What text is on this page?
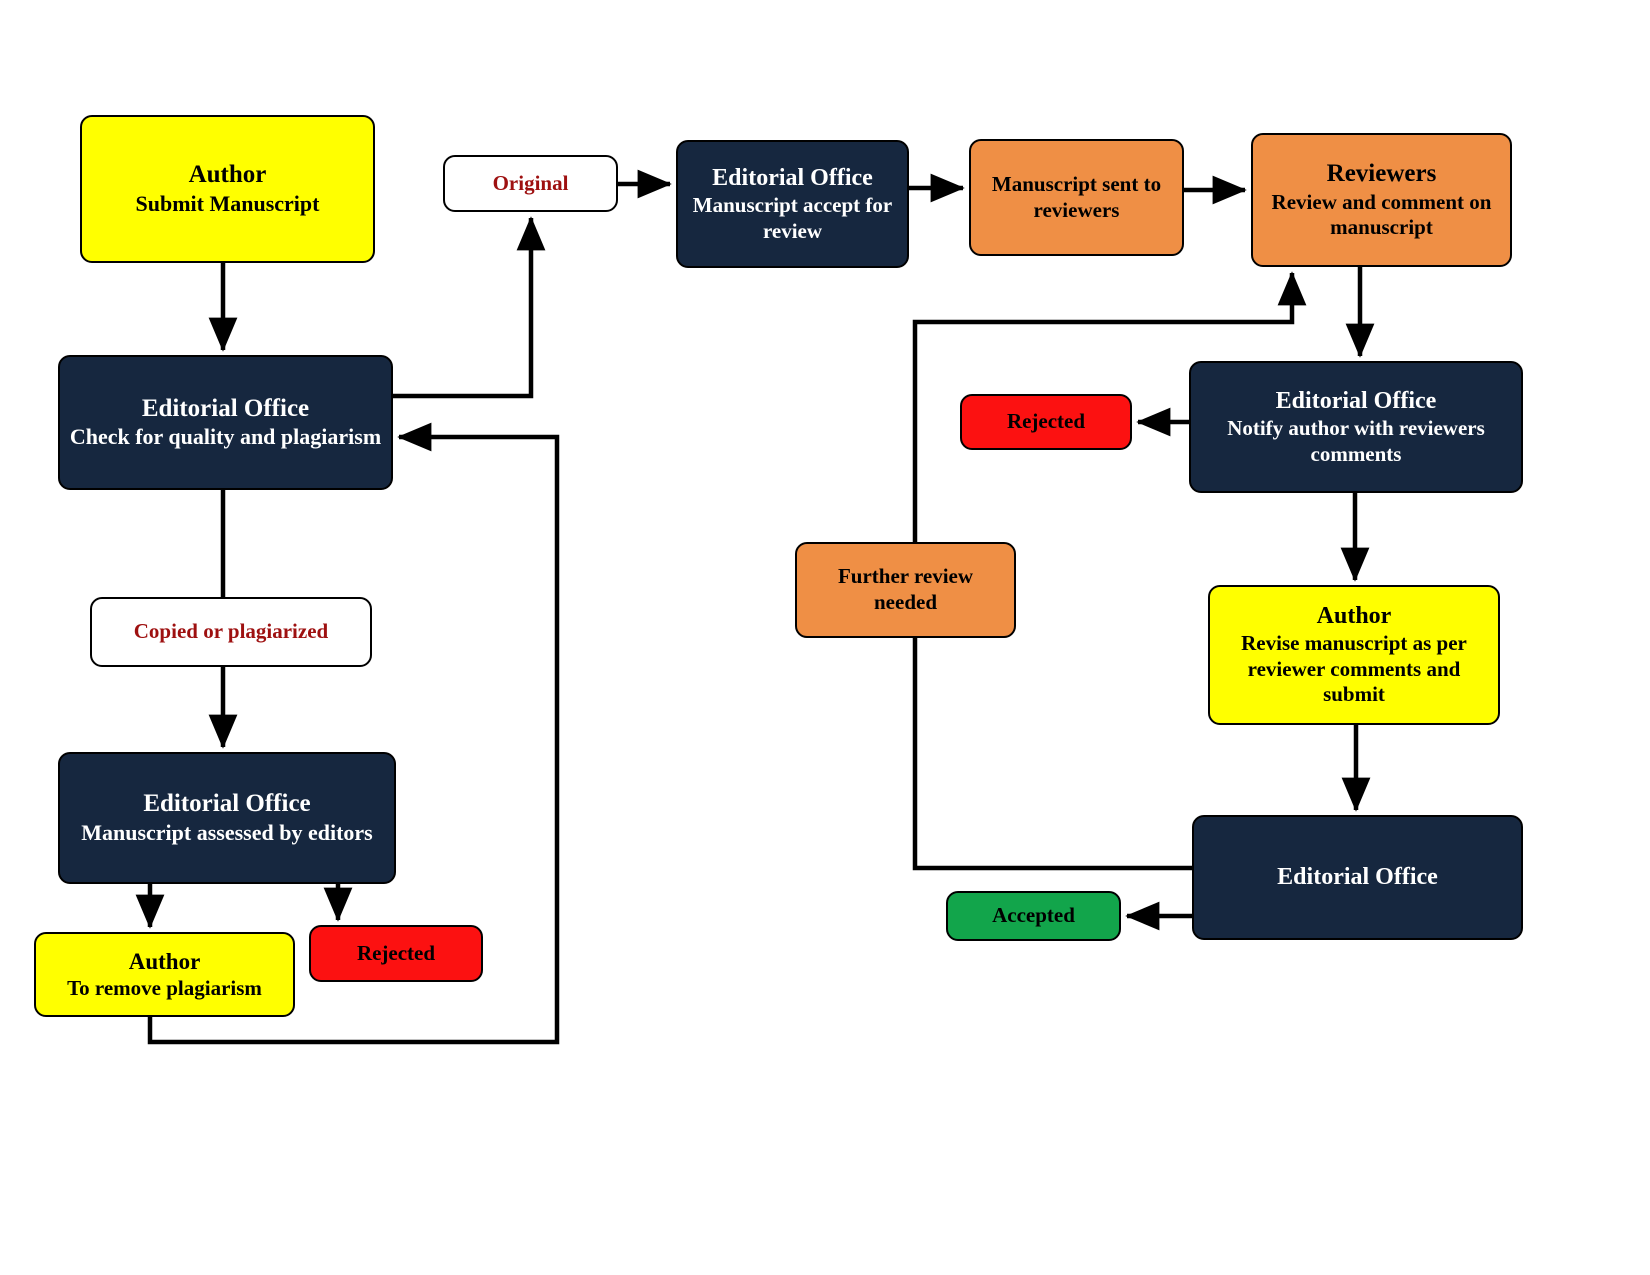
Author
Submit Manuscript
Editorial Office
Check for quality and plagiarism
Copied or plagiarized
Editorial Office
Manuscript assessed by editors
Author
To remove plagiarism
Rejected
Original	Editorial Office
Manuscript accept for review
Manuscript sent to reviewers
Reviewers
Review and comment on manuscript
Editorial Office
Notify author with reviewers comments
Rejected
Further review needed
Author
Revise manuscript as per reviewer comments and submit
Editorial Office
Accepted
